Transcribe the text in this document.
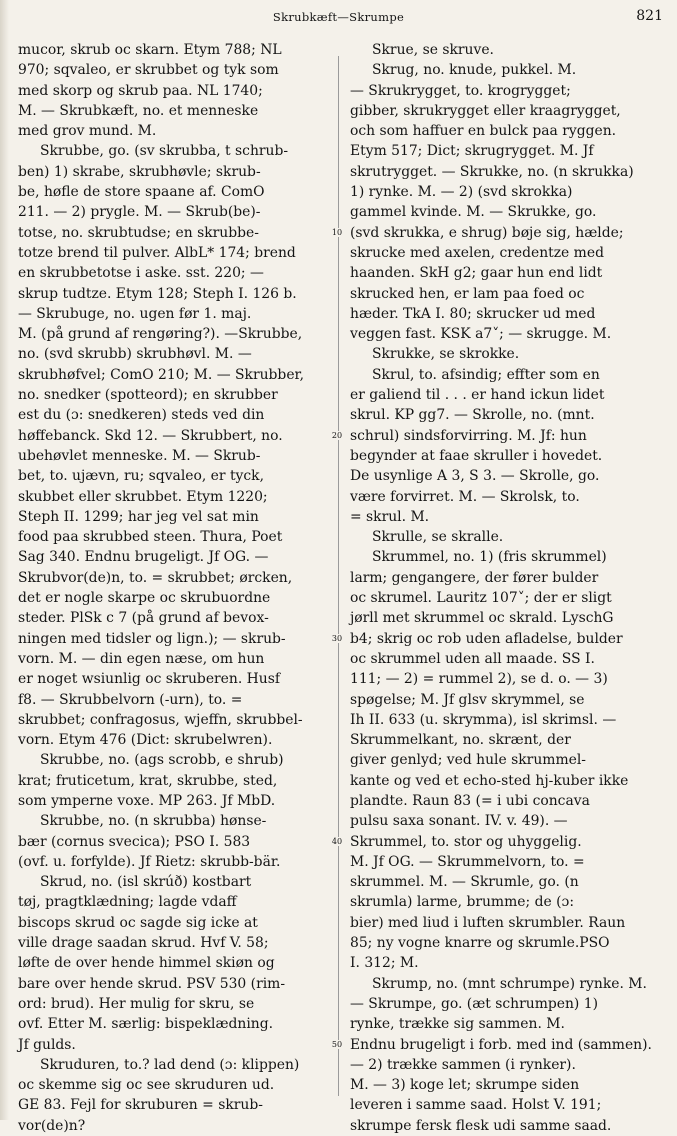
Skrubkæft—Skrumpe	821
mucor, skrub oc skarn. Etym 788; NL
970; sqvaleo, er skrubbet og tyk som
med skorp og skrub paa. NL 1740;
M. — Skrubkæft, no. et menneske
med grov mund. M.
Skrubbe, go. (sv skrubba, t schrub-
ben) 1) skrabe, skrubhøvle; skrub-
be, høfle de store spaane af. ComO
211. — 2) prygle. M. — Skrub(be)-
totse, no. skrubtudse; en skrubbe-
totze brend til pulver. AlbL* 174; brend
en skrubbetotse i aske. sst. 220; —
skrup tudtze. Etym 128; Steph I. 126 b.
— Skrubuge, no. ugen før 1. maj.
M. (på grund af rengøring?). —Skrubbe,
no. (svd skrubb) skrubhøvl. M. —
skrubhøfvel; ComO 210; M. — Skrubber,
no. snedker (spotteord); en skrubber
est du (ɔ: snedkeren) steds ved din
høffebanck. Skd 12. — Skrubbert, no.
ubehøvlet menneske. M. — Skrub-
bet, to. ujævn, ru; sqvaleo, er tyck,
skubbet eller skrubbet. Etym 1220;
Steph II. 1299; har jeg vel sat min
food paa skrubbed steen. Thura, Poet
Sag 340. Endnu brugeligt. Jf OG. —
Skrubvor(de)n, to. = skrubbet; ørcken,
det er nogle skarpe oc skrubuordne
steder. PlSk c 7 (på grund af bevox-
ningen med tidsler og lign.); — skrub-
vorn. M. — din egen næse, om hun
er noget wsiunlig oc skruberen. Husf
f8. — Skrubbelvorn (-urn), to. =
skrubbet; confragosus, wjeffn, skrubbel-
vorn. Etym 476 (Dict: skrubelwren).
Skrubbe, no. (ags scrobb, e shrub)
krat; fruticetum, krat, skrubbe, sted,
som ymperne voxe. MP 263. Jf MbD.
Skrubbe, no. (n skrubba) hønse-
bær (cornus svecica); PSO I. 583
(ovf. u. forfylde). Jf Rietz: skrubb-bär.
Skrud, no. (isl skrúð) kostbart
tøj, pragtklædning; lagde vdaff
biscops skrud oc sagde sig icke at
ville drage saadan skrud. Hvf V. 58;
løfte de over hende himmel skiøn og
bare over hende skrud. PSV 530 (rim-
ord: brud). Her mulig for skru, se
ovf. Etter M. særlig: bispeklædning.
Jf gulds.
Skruduren, to.? lad dend (ɔ: klippen)
oc skemme sig oc see skruduren ud.
GE 83. Fejl for skruburen = skrub-
vor(de)n?
Skrue, se skruve.
Skrug, no. knude, pukkel. M.
— Skrukrygget, to. krogrygget;
gibber, skrukrygget eller kraagrygget,
och som haffuer en bulck paa ryggen.
Etym 517; Dict; skrugrygget. M. Jf
skrutrygget. — Skrukke, no. (n skrukka)
1) rynke. M. — 2) (svd skrokka)
gammel kvinde. M. — Skrukke, go.
(svd skrukka, e shrug) bøje sig, hælde;
skrucke med axelen, credentze med
haanden. SkH g2; gaar hun end lidt
skrucked hen, er lam paa foed oc
hæder. TkA I. 80; skrucker ud med
veggen fast. KSK a7˅; — skrugge. M.
Skrukke, se skrokke.
Skrul, to. afsindig; effter som en
er galiend til . . . er hand ickun lidet
skrul. KP gg7. — Skrolle, no. (mnt.
schrul) sindsforvirring. M. Jf: hun
begynder at faae skruller i hovedet.
De usynlige A 3, S 3. — Skrolle, go.
være forvirret. M. — Skrolsk, to.
= skrul. M.
Skrulle, se skralle.
Skrummel, no. 1) (fris skrummel)
larm; gengangere, der fører bulder
oc skrumel. Lauritz 107˅; der er sligt
jørll met skrummel oc skrald. LyschG
b4; skrig oc rob uden afladelse, bulder
oc skrummel uden all maade. SS I.
111; — 2) = rummel 2), se d. o. — 3)
spøgelse; M. Jf glsv skrymmel, se
Ih II. 633 (u. skrymma), isl skrimsl. —
Skrummelkant, no. skrænt, der
giver genlyd; ved hule skrummel-
kante og ved et echo-sted hj-kuber ikke
plandte. Raun 83 (= i ubi concava
pulsu saxa sonant. IV. v. 49). —
Skrummel, to. stor og uhyggelig.
M. Jf OG. — Skrummelvorn, to. =
skrummel. M. — Skrumle, go. (n
skrumla) larme, brumme; de (ɔ:
bier) med liud i luften skrumbler. Raun
85; ny vogne knarre og skrumle.PSO
I. 312; M.
Skrump, no. (mnt schrumpe) rynke. M.
— Skrumpe, go. (æt schrumpen) 1)
rynke, trække sig sammen. M.
Endnu brugeligt i forb. med ind (sammen).
— 2) trække sammen (i rynker).
M. — 3) koge let; skrumpe siden
leveren i samme saad. Holst V. 191;
skrumpe fersk flesk udi samme saad.
10
20
30
40
50
